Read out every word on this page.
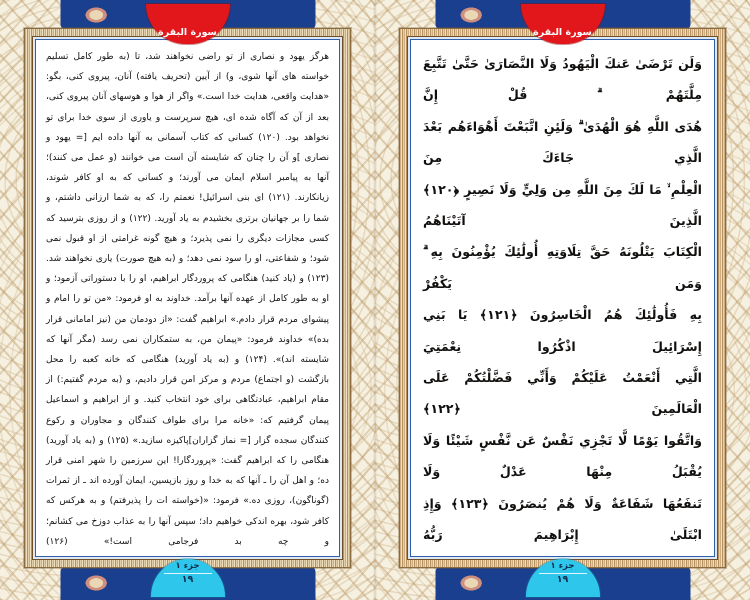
سورة البقرة
هرگز یهود و نصاری از تو راضی نخواهند شد، تا (به طور کامل تسلیم خواسته های آنها شوی، و) از آیین (تحریف یافته) آنان، پیروی کنی، بگو: «هدایت واقعی، هدایت خدا است.» واگر از هوا و هوسهای آنان پیروی کنی، بعد از آن که آگاه شده ای، هیچ سرپرست و یاوری از سوی خدا برای تو نخواهد بود. (۱۲۰) کسانی که کتاب آسمانی به آنها داده ایم [= یهود و نصاری ]و آن را چنان که شایسته آن است می خوانند (و عمل می کنند)؛ آنها به پیامبر اسلام ایمان می آورند؛ و کسانی که به او کافر شوند، زیانکارند. (۱۲۱) ای بنی اسرائیل! نعمتم را، که به شما ارزانی داشتم، و شما را بر جهانیان برتری بخشیدم به یاد آورید. (۱۲۲) و از روزی بترسید که کسی مجازات دیگری را نمی پذیرد؛ و هیچ گونه غرامتی از او قبول نمی شود؛ و شفاعتی، او را سود نمی دهد؛ و (به هیچ صورت) یاری نخواهند شد. (۱۲۳) و (یاد کنید) هنگامی که پروردگار ابراهیم، او را با دستوراتی آزمود؛ و او به طور کامل از عهده آنها برآمد. خداوند به او فرمود: «من تو را امام و پیشوای مردم قرار دادم.» ابراهیم گفت: «از دودمان من (نیز امامانی قرار بده)» خداوند فرمود: «پیمان من، به ستمکاران نمی رسد (مگر آنها که شایسته اند)». (۱۲۴) و (به یاد آورید) هنگامی که خانه کعبه را محل بازگشت (و اجتماع) مردم و مرکز امن قرار دادیم، و (به مردم گفتیم:) از مقام ابراهیم، عبادتگاهی برای خود انتخاب کنید. و از ابراهیم و اسماعیل پیمان گرفتیم که: «خانه مرا برای طواف کنندگان و مجاوران و رکوع کنندگان سجده گزار [= نماز گزاران]پاکیزه سازید.» (۱۲۵) و (به یاد آورید) هنگامی را که ابراهیم گفت: «پروردگارا! این سرزمین را شهر امنی قرار ده؛ و اهل آن را ـ آنها که به خدا و روز بازپسین، ایمان آورده اند ـ از ثمرات (گوناگون)، روزی ده.» فرمود: «(خواسته ات را پذیرفتم) و به هرکس که کافر شود، بهره اندکی خواهیم داد؛ سپس آنها را به عذاب دوزخ می کشانم؛ و چه بد فرجامی است!» (۱۲۶)
جزء ۱
۱۹
سورة البقرة
وَلَن تَرْضَىٰ عَنكَ الْيَهُودُ وَلَا النَّصَارَىٰ حَتَّىٰ تَتَّبِعَ مِلَّتَهُمْ ۗ قُلْ إِنَّ
هُدَى اللَّهِ هُوَ الْهُدَىٰ ۗ وَلَئِنِ اتَّبَعْتَ أَهْوَاءَهُم بَعْدَ الَّذِي جَاءَكَ مِنَ
الْعِلْمِ ۙ مَا لَكَ مِنَ اللَّهِ مِن وَلِيٍّ وَلَا نَصِيرٍ ﴿١٢٠﴾ الَّذِينَ آتَيْنَاهُمُ
الْكِتَابَ يَتْلُونَهُ حَقَّ تِلَاوَتِهِ أُولَٰئِكَ يُؤْمِنُونَ بِهِ ۗ وَمَن يَكْفُرْ
بِهِ فَأُولَٰئِكَ هُمُ الْخَاسِرُونَ ﴿١٢١﴾ يَا بَنِي إِسْرَائِيلَ اذْكُرُوا نِعْمَتِيَ
الَّتِي أَنْعَمْتُ عَلَيْكُمْ وَأَنِّي فَضَّلْتُكُمْ عَلَى الْعَالَمِينَ ﴿١٢٢﴾
وَاتَّقُوا يَوْمًا لَّا تَجْزِي نَفْسٌ عَن نَّفْسٍ شَيْئًا وَلَا يُقْبَلُ مِنْهَا عَدْلٌ وَلَا
تَنفَعُهَا شَفَاعَةٌ وَلَا هُمْ يُنصَرُونَ ﴿١٢٣﴾ وَإِذِ ابْتَلَىٰ إِبْرَاهِيمَ رَبُّهُ
جزء ۱
۱۹
